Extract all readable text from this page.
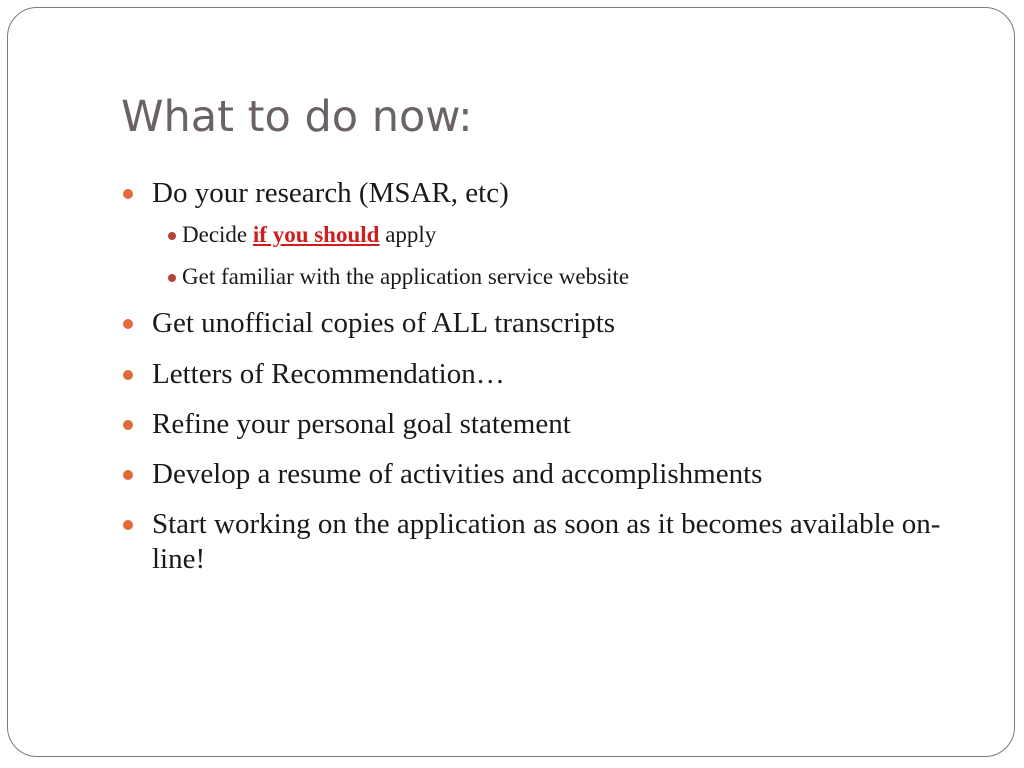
What to do now:
Do your research (MSAR, etc)
Decide if you should apply
Get familiar with the application service website
Get unofficial copies of ALL transcripts
Letters of Recommendation…
Refine your personal goal statement
Develop a resume of activities and accomplishments
Start working on the application as soon as it becomes available on-line!
